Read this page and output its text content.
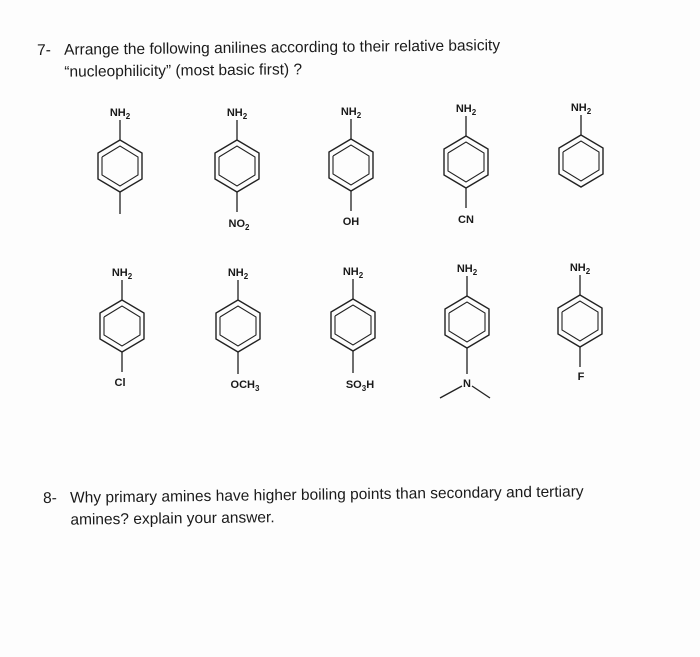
7- Arrange the following anilines according to their relative basicity
“nucleophilicity” (most basic first) ?
$NH_2$	$NH_2$
$NO_2$
$NH_2$
OH
$NH_2$
CN
$NH_2$
$NH_2$
Cl
$NH_2$
$OCH_3$
$NH_2$
$SO_3H$
$NH_2$
N
$NH_2$
F
8- Why primary amines have higher boiling points than secondary and tertiary
amines? explain your answer.
